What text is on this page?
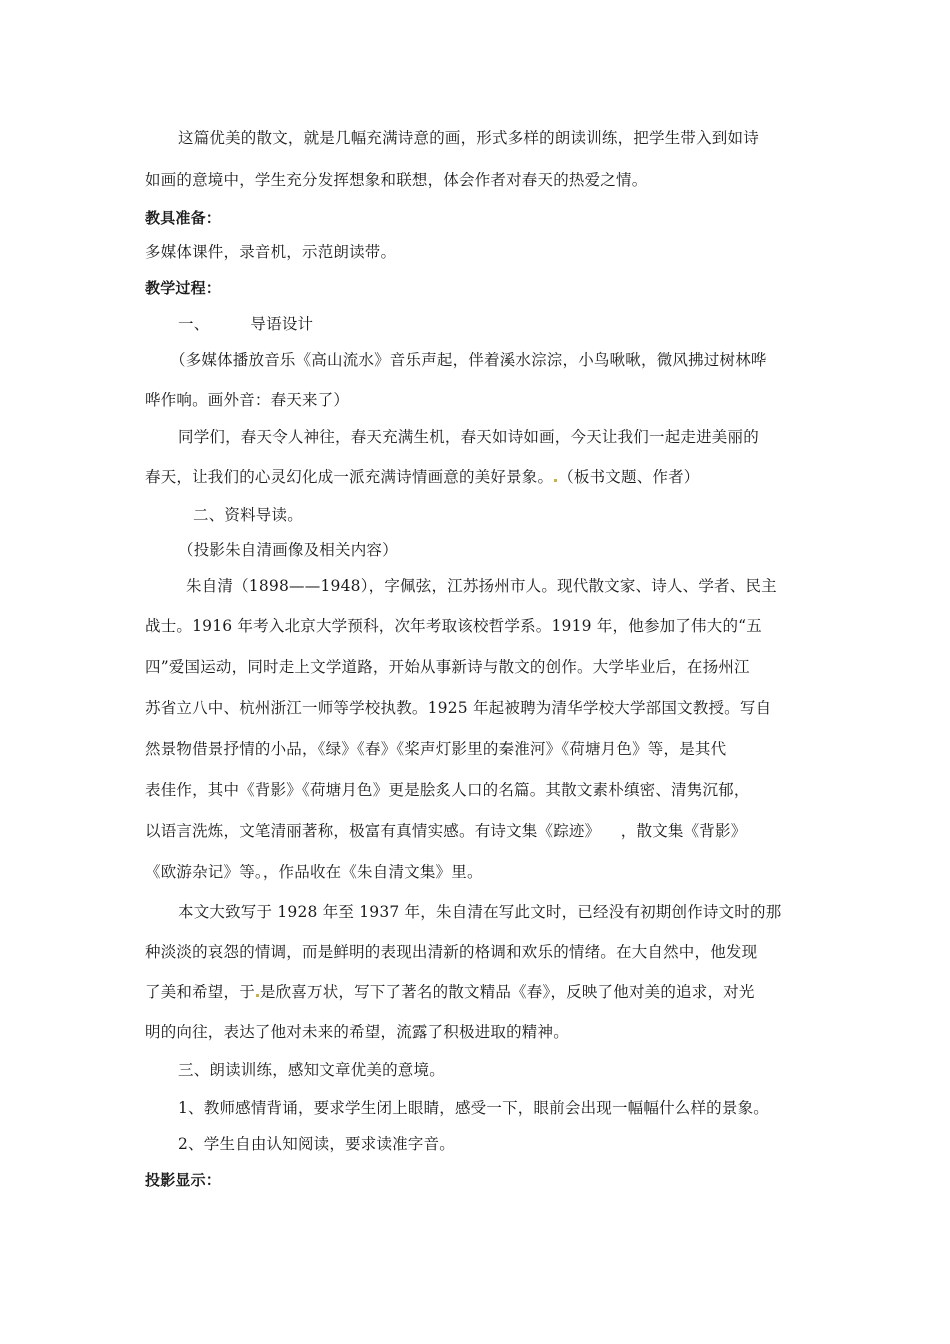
这篇优美的散文，就是几幅充满诗意的画，形式多样的朗读训练，把学生带入到如诗
如画的意境中，学生充分发挥想象和联想，体会作者对春天的热爱之情。
教具准备：
多媒体课件，录音机，示范朗读带。
教学过程：
一、        导语设计
（多媒体播放音乐《高山流水》音乐声起，伴着溪水淙淙，小鸟啾啾，微风拂过树林哗
哗作响。画外音：春天来了）
同学们，春天令人神往，春天充满生机，春天如诗如画，今天让我们一起走进美丽的
春天，让我们的心灵幻化成一派充满诗情画意的美好景象。 （板书文题、作者）
二、资料导读。
（投影朱自清画像及相关内容）
朱自清（1898——1948），字佩弦，江苏扬州市人。现代散文家、诗人、学者、民主
战士。1916 年考入北京大学预科，次年考取该校哲学系。1919 年，他参加了伟大的“五
四”爱国运动，同时走上文学道路，开始从事新诗与散文的创作。大学毕业后，在扬州江
苏省立八中、杭州浙江一师等学校执教。1925 年起被聘为清华学校大学部国文教授。写自
然景物借景抒情的小品，《绿》《春》《桨声灯影里的秦淮河》《荷塘月色》等，是其代
表佳作，其中《背影》《荷塘月色》更是脍炙人口的名篇。其散文素朴缜密、清隽沉郁，
以语言洗炼，文笔清丽著称，极富有真情实感。有诗文集《踪迹》    ，散文集《背影》
《欧游杂记》等。，作品收在《朱自清文集》里。
本文大致写于 1928 年至 1937 年，朱自清在写此文时，已经没有初期创作诗文时的那
种淡淡的哀怨的情调，而是鲜明的表现出清新的格调和欢乐的情绪。在大自然中，他发现
了美和希望，于 是欣喜万状，写下了著名的散文精品《春》，反映了他对美的追求，对光
明的向往，表达了他对未来的希望，流露了积极进取的精神。
三、朗读训练，感知文章优美的意境。
1、教师感情背诵，要求学生闭上眼睛，感受一下，眼前会出现一幅幅什么样的景象。
2、学生自由认知阅读，要求读准字音。
投影显示：
